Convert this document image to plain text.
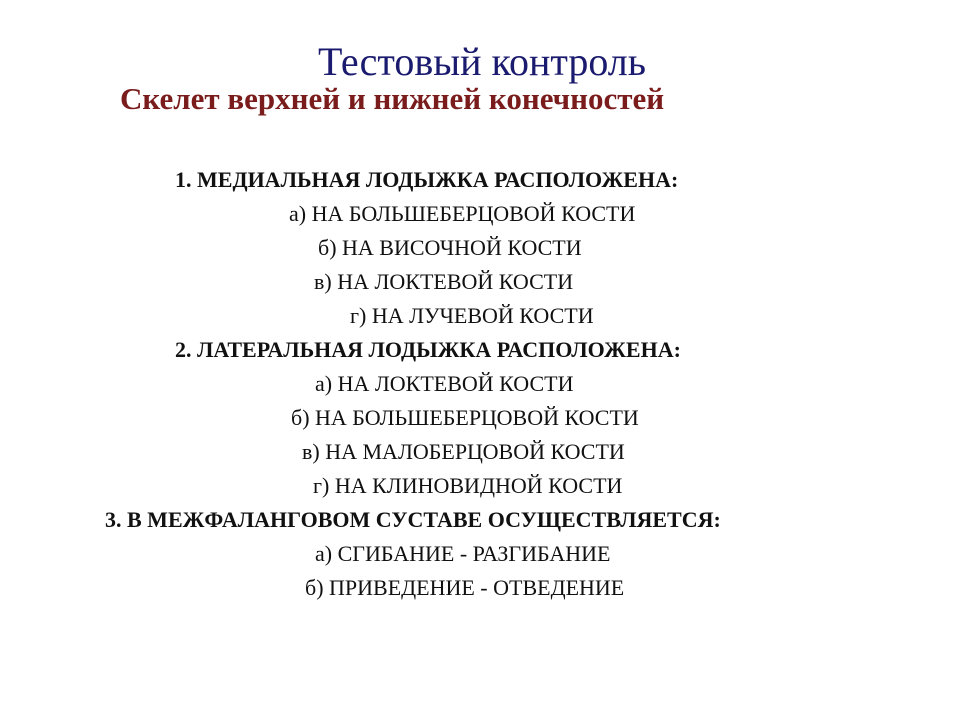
Тестовый контроль
Скелет верхней и нижней конечностей
1. МЕДИАЛЬНАЯ ЛОДЫЖКА РАСПОЛОЖЕНА:
а) НА БОЛЬШЕБЕРЦОВОЙ КОСТИ
б) НА ВИСОЧНОЙ КОСТИ
в) НА ЛОКТЕВОЙ КОСТИ
г) НА ЛУЧЕВОЙ КОСТИ
2. ЛАТЕРАЛЬНАЯ ЛОДЫЖКА РАСПОЛОЖЕНА:
а) НА ЛОКТЕВОЙ КОСТИ
б) НА БОЛЬШЕБЕРЦОВОЙ КОСТИ
в) НА МАЛОБЕРЦОВОЙ КОСТИ
г) НА КЛИНОВИДНОЙ КОСТИ
3. В МЕЖФАЛАНГОВОМ СУСТАВЕ ОСУЩЕСТВЛЯЕТСЯ:
а) СГИБАНИЕ - РАЗГИБАНИЕ
б) ПРИВЕДЕНИЕ - ОТВЕДЕНИЕ
